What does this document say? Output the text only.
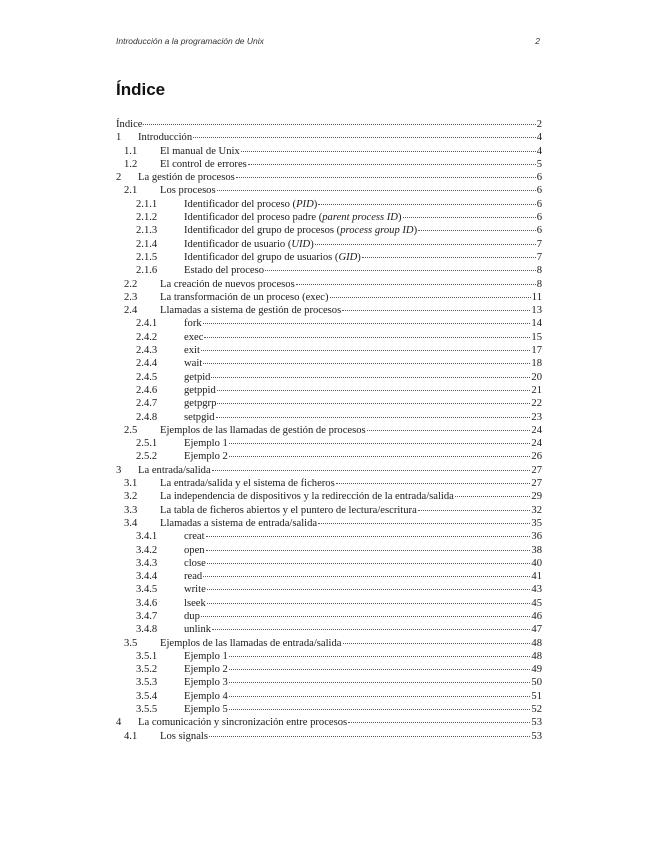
Introducción a la programación de Unix	2
Índice
Índice	2
1	Introducción	4
1.1	El manual de Unix	4
1.2	El control de errores	5
2	La gestión de procesos	6
2.1	Los procesos	6
2.1.1	Identificador del proceso (PID)	6
2.1.2	Identificador del proceso padre (parent process ID)	6
2.1.3	Identificador del grupo de procesos (process group ID)	6
2.1.4	Identificador de usuario (UID)	7
2.1.5	Identificador del grupo de usuarios (GID)	7
2.1.6	Estado del proceso	8
2.2	La creación de nuevos procesos	8
2.3	La transformación de un proceso (exec)	11
2.4	Llamadas a sistema de gestión de procesos	13
2.4.1	fork	14
2.4.2	exec	15
2.4.3	exit	17
2.4.4	wait	18
2.4.5	getpid	20
2.4.6	getppid	21
2.4.7	getpgrp	22
2.4.8	setpgid	23
2.5	Ejemplos de las llamadas de gestión de procesos	24
2.5.1	Ejemplo 1	24
2.5.2	Ejemplo 2	26
3	La entrada/salida	27
3.1	La entrada/salida y el sistema de ficheros	27
3.2	La independencia de dispositivos y la redirección de la entrada/salida	29
3.3	La tabla de ficheros abiertos y el puntero de lectura/escritura	32
3.4	Llamadas a sistema de entrada/salida	35
3.4.1	creat	36
3.4.2	open	38
3.4.3	close	40
3.4.4	read	41
3.4.5	write	43
3.4.6	lseek	45
3.4.7	dup	46
3.4.8	unlink	47
3.5	Ejemplos de las llamadas de entrada/salida	48
3.5.1	Ejemplo 1	48
3.5.2	Ejemplo 2	49
3.5.3	Ejemplo 3	50
3.5.4	Ejemplo 4	51
3.5.5	Ejemplo 5	52
4	La comunicación y sincronización entre procesos	53
4.1	Los signals	53
